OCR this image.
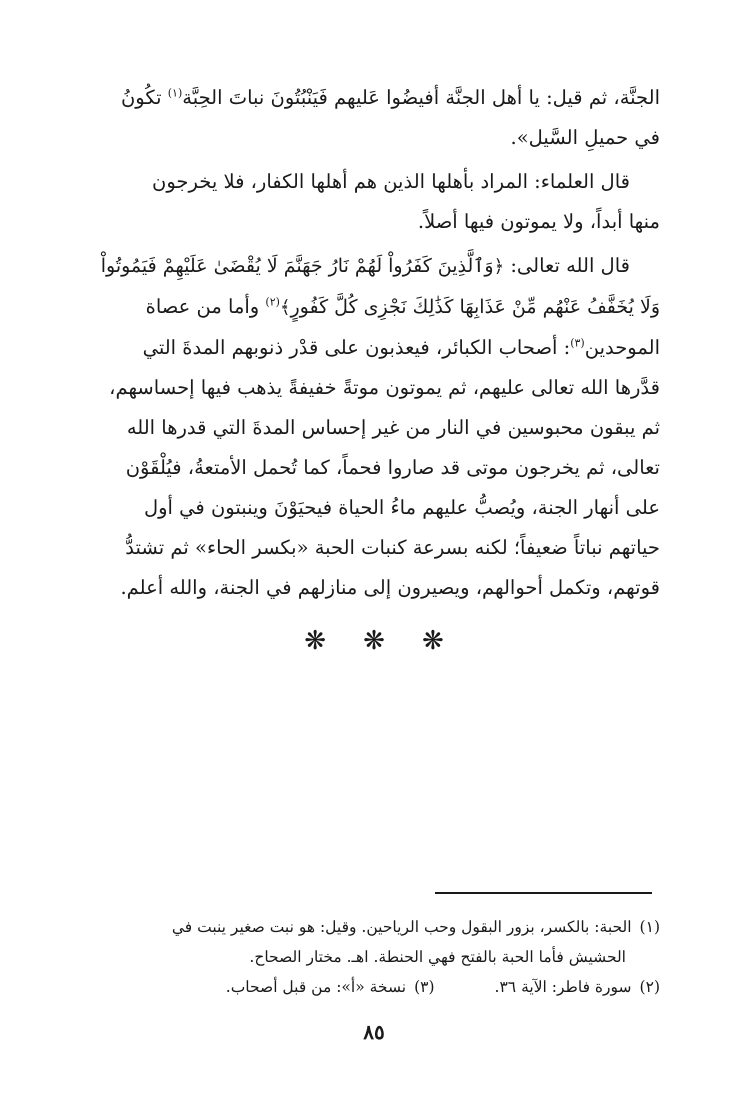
الجنَّة، ثم قيل: يا أهل الجنَّة أفيضُوا عَليهم فَيَنْبُتُونَ نباتَ الحِبَّة$^{(١)}$ تكُونُ
في حميلِ السَّيل».

قال العلماء: المراد بأهلها الذين هم أهلها الكفار، فلا يخرجون
منها أبداً، ولا يموتون فيها أصلاً.

قال الله تعالى: ﴿وَٱلَّذِينَ كَفَرُواْ لَهُمْ نَارُ جَهَنَّمَ لَا يُقْضَىٰ عَلَيْهِمْ فَيَمُوتُواْ
وَلَا يُخَفَّفُ عَنْهُم مِّنْ عَذَابِهَا كَذَٰلِكَ نَجْزِى كُلَّ كَفُورٍ﴾$^{(٢)}$ وأما من عصاة
الموحدين$^{(٣)}$: أصحاب الكبائر، فيعذبون على قدْر ذنوبهم المدةَ التي
قدَّرها الله تعالى عليهم، ثم يموتون موتةً خفيفةً يذهب فيها إحساسهم،
ثم يبقون محبوسين في النار من غير إحساس المدةَ التي قدرها الله
تعالى، ثم يخرجون موتى قد صاروا فحماً، كما تُحمل الأمتعةُ، فيُلْقَوْن
على أنهار الجنة، ويُصبُّ عليهم ماءُ الحياة فيحيَوْنَ وينبتون في أول
حياتهم نباتاً ضعيفاً؛ لكنه بسرعة كنبات الحبة «بكسر الحاء» ثم تشتدُّ
قوتهم، وتكمل أحوالهم، ويصيرون إلى منازلهم في الجنة، والله أعلم.

❋ ❋ ❋
(١)الحبة: بالكسر، بزور البقول وحب الرياحين. وقيل: هو نبت صغير ينبت في
الحشيش فأما الحبة بالفتح فهي الحنطة. اهـ. مختار الصحاح.
(٢)سورة فاطر: الآية ٣٦.(٣)نسخة «أ»: من قبل أصحاب.
٨٥
